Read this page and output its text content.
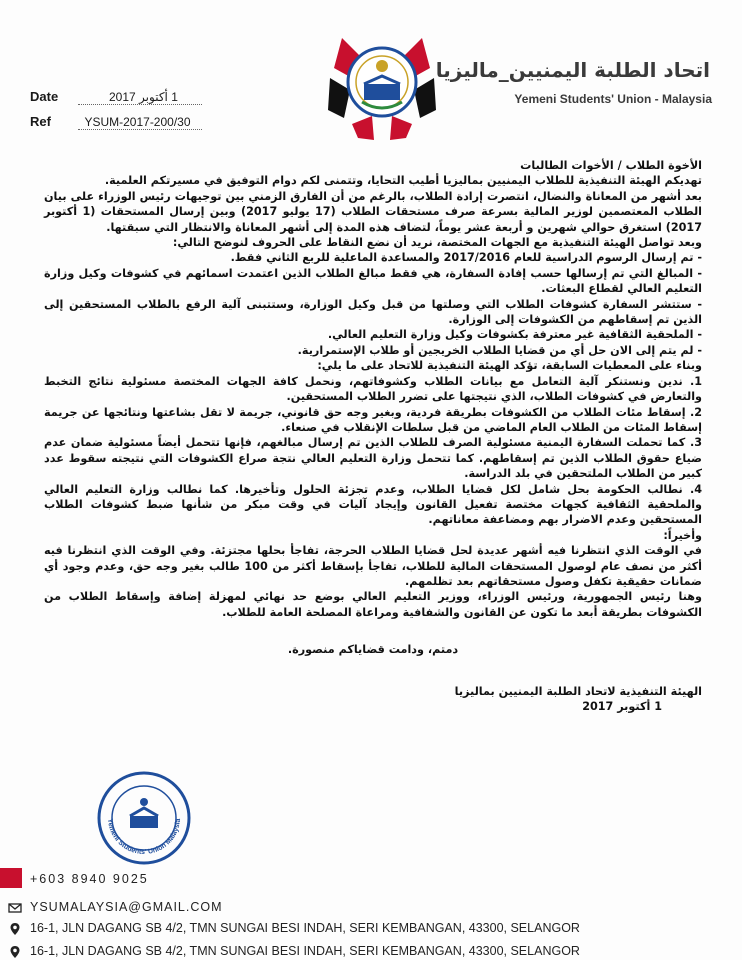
اتحاد الطلبة اليمنيين_ماليزيا
Yemeni Students' Union - Malaysia
Date	1 أكتوبر 2017
Ref	YSUM-2017-200/30

الأخوة الطلاب / الأخوات الطالبات

تهديكم الهيئة التنفيذية للطلاب اليمنيين بماليزيا أطيب التحايا، وتتمنى لكم دوام التوفيق في مسيرتكم العلمية.

بعد أشهر من المعاناة والنضال، انتصرت إرادة الطلاب، بالرغم من أن الفارق الزمني بين توجيهات رئيس الوزراء على بيان الطلاب المعتصمين لوزير المالية بسرعة صرف مستحقات الطلاب (17 يوليو 2017) وبين إرسال المستحقات (1 أكتوبر 2017) استغرق حوالي شهرين و أربعة عشر يوماً، لتضاف هذه المدة إلى أشهر المعاناة والانتظار التي سبقتها.

وبعد تواصل الهيئة التنفيذية مع الجهات المختصة، نريد أن نضع النقاط على الحروف لنوضح التالي:

- تم إرسال الرسوم الدراسية للعام 2017/2016 والمساعدة الماعلية للربع الثاني فقط.

- المبالغ التي تم إرسالها حسب إفادة السفارة، هي فقط مبالغ الطلاب الذين اعتمدت اسمائهم في كشوفات وكيل وزارة التعليم العالي لقطاع البعثات.

- ستتشر السفارة كشوفات الطلاب التي وصلتها من قبل وكيل الوزارة، وستتبنى آلية الرفع بالطلاب المستحقين إلى الذين تم إسقاطهم من الكشوفات إلى الوزارة.

- الملحقية الثقافية غير معترفة بكشوفات وكيل وزارة التعليم العالي.

- لم يتم إلى الان حل أي من قضايا الطلاب الخريجين أو طلاب الإستمرارية.

وبناء على المعطيات السابقة، تؤكد الهيئة التنفيذية للاتحاد على ما يلي:

1. ندين ونستنكر آلية التعامل مع بيانات الطلاب وكشوفاتهم، ونحمل كافة الجهات المختصة مسئولية نتائج التخبط والتعارض في كشوفات الطلاب، الذي نتيجتها على تضرر الطلاب المستحقين.

2. إسقاط مئات الطلاب من الكشوفات بطريقة فردية، وبغير وجه حق قانوني، جريمة لا تقل بشاعتها ونتائجها عن جريمة إسقاط المئات من الطلاب العام الماضي من قبل سلطات الإنقلاب في صنعاء.

3. كما تحملت السفارة اليمنية مسئولية الصرف للطلاب الذين تم إرسال مبالغهم، فإنها تتحمل أيضاً مسئولية ضمان عدم ضياع حقوق الطلاب الذين تم إسقاطهم. كما تتحمل وزارة التعليم العالي نتجة صراع الكشوفات التي نتيجته سقوط عدد كبير من الطلاب الملتحقين في بلد الدراسة.

4. نطالب الحكومة بحل شامل لكل قضايا الطلاب، وعدم تجزئة الحلول وتأخيرها. كما نطالب وزارة التعليم العالي والملحقية الثقافية كجهات مختصة تفعيل القانون وإيجاد آليات في وقت مبكر من شأنها ضبط كشوفات الطلاب المستحقين وعدم الاضرار بهم ومضاعفة معاناتهم.

وأخيراً:

في الوقت الذي انتظرنا فيه أشهر عديدة لحل قضايا الطلاب الحرجة، تفاجأ بحلها مجتزئة. وفي الوقت الذي انتظرنا فيه أكثر من نصف عام لوصول المستحقات المالية للطلاب، تفاجأ بإسقاط أكثر من 100 طالب بغير وجه حق، وعدم وجود أي ضمانات حقيقية تكفل وصول مستحقاتهم بعد تظلمهم.

وهنا رئيس الجمهورية، ورئيس الوزراء، ووزير التعليم العالي بوضع حد نهائي لمهزلة إضافة وإسقاط الطلاب من الكشوفات بطريقة أبعد ما تكون عن القانون والشفافية ومراعاة المصلحة العامة للطلاب.

دمتم، ودامت قضاياكم منصورة.

الهيئة التنفيذية لاتحاد الطلبة اليمنيين بماليزيا

1 أكتوبر 2017

Yemeni Students' Union Malaysia
+603 8940 9025
YSUMALAYSIA@GMAIL.COM
16-1, JLN DAGANG SB 4/2, TMN SUNGAI BESI INDAH, SERI KEMBANGAN, 43300, SELANGOR
16-1, JLN DAGANG SB 4/2, TMN SUNGAI BESI INDAH, SERI KEMBANGAN, 43300, SELANGOR
